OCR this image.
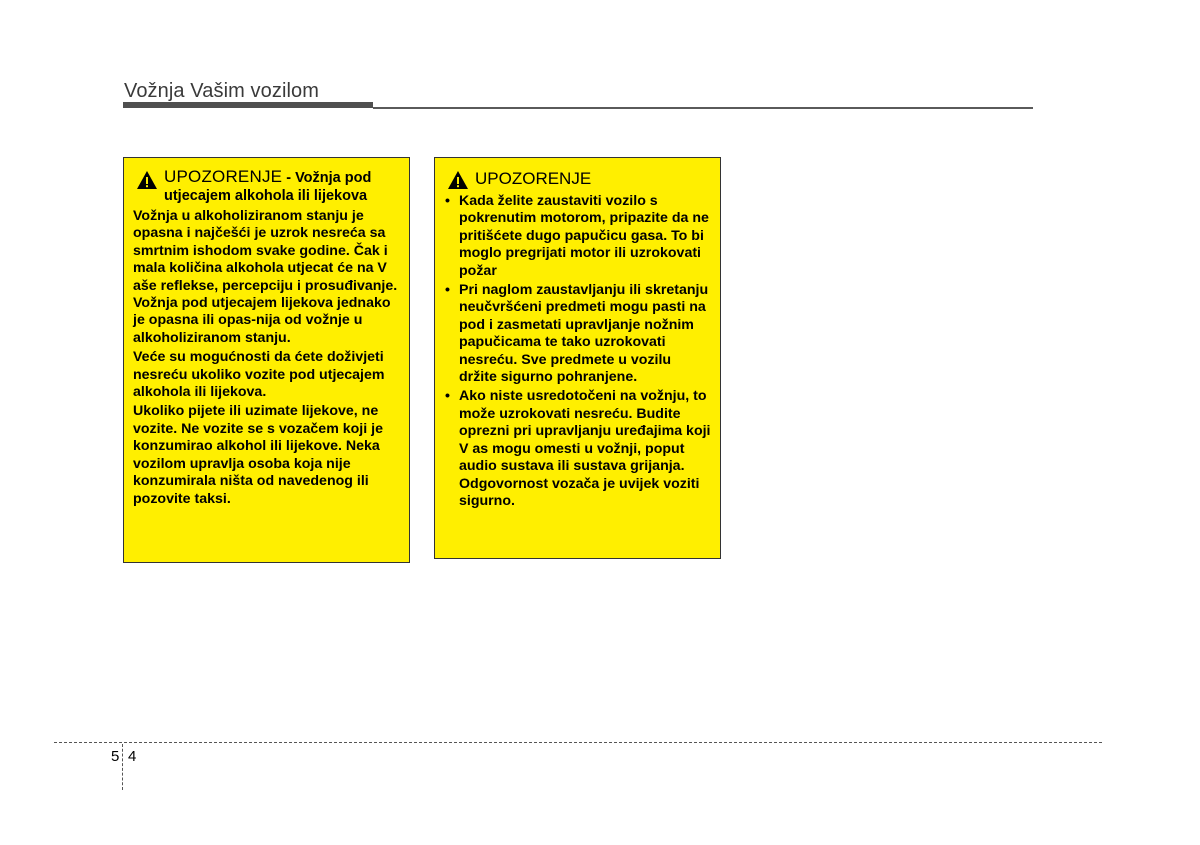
Vožnja Vašim vozilom
UPOZORENJE - Vožnja pod utjecajem alkohola ili lijekova

Vožnja u alkoholiziranom stanju je opasna i najčešći je uzrok nesreća sa smrtnim ishodom svake godine. Čak i mala količina alkohola utjecat će na V aše reflekse, percepciju i prosuđivanje. Vožnja pod utjecajem lijekova jednako je opasna ili opas-nija od vožnje u alkoholiziranom stanju.

Veće su mogućnosti da ćete doživjeti nesreću ukoliko vozite pod utjecajem alkohola ili lijekova.

Ukoliko pijete ili uzimate lijekove, ne vozite. Ne vozite se s vozačem koji je konzumirao alkohol ili lijekove. Neka vozilom upravlja osoba koja nije konzumirala ništa od navedenog ili pozovite taksi.

UPOZORENJE
• Kada želite zaustaviti vozilo s pokrenutim motorom, pripazite da ne pritišćete dugo papučicu gasa. To bi moglo pregrijati motor ili uzrokovati požar
• Pri naglom zaustavljanju ili skretanju neučvršćeni predmeti mogu pasti na pod i zasmetati upravljanje nožnim papučicama te tako uzrokovati nesreću. Sve predmete u vozilu držite sigurno pohranjene.
• Ako niste usredotočeni na vožnju, to može uzrokovati nesreću. Budite oprezni pri upravljanju uređajima koji V as mogu omesti u vožnji, poput audio sustava ili sustava grijanja. Odgovornost vozača je uvijek voziti sigurno.
5 4
